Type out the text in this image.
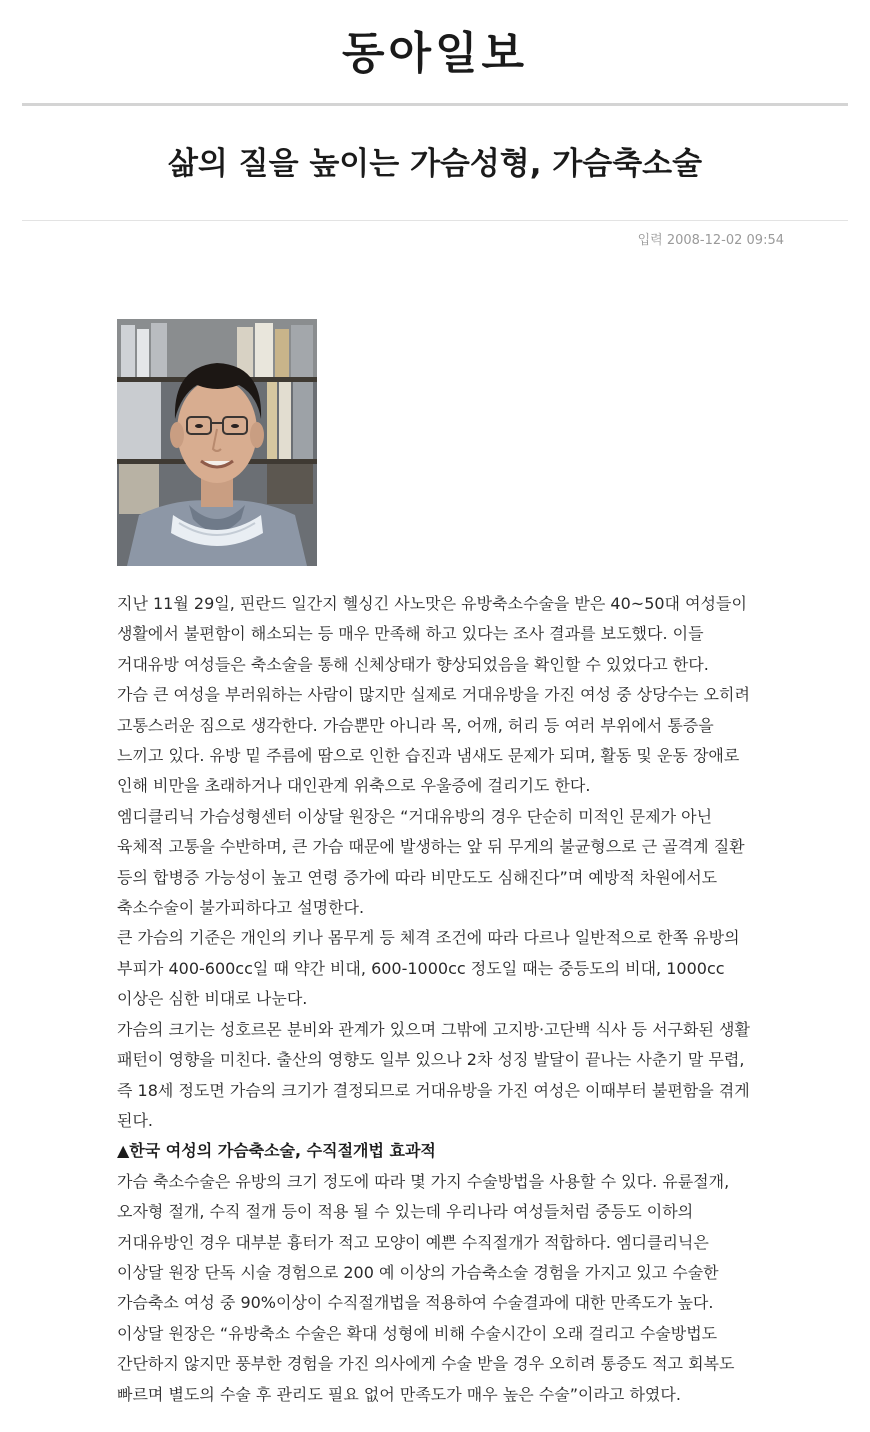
동아일보
삶의 질을 높이는 가슴성형, 가슴축소술
입력 2008-12-02 09:54

지난 11월 29일, 핀란드 일간지 헬싱긴 사노맛은 유방축소수술을 받은 40~50대 여성들이 생활에서 불편함이 해소되는 등 매우 만족해 하고 있다는 조사 결과를 보도했다. 이들 거대유방 여성들은 축소술을 통해 신체상태가 향상되었음을 확인할 수 있었다고 한다.

가슴 큰 여성을 부러워하는 사람이 많지만 실제로 거대유방을 가진 여성 중 상당수는 오히려 고통스러운 짐으로 생각한다. 가슴뿐만 아니라 목, 어깨, 허리 등 여러 부위에서 통증을 느끼고 있다. 유방 밑 주름에 땀으로 인한 습진과 냄새도 문제가 되며, 활동 및 운동 장애로 인해 비만을 초래하거나 대인관계 위축으로 우울증에 걸리기도 한다.

엠디클리닉 가슴성형센터 이상달 원장은 “거대유방의 경우 단순히 미적인 문제가 아닌 육체적 고통을 수반하며, 큰 가슴 때문에 발생하는 앞 뒤 무게의 불균형으로 근 골격계 질환 등의 합병증 가능성이 높고 연령 증가에 따라 비만도도 심해진다”며 예방적 차원에서도 축소수술이 불가피하다고 설명한다.

큰 가슴의 기준은 개인의 키나 몸무게 등 체격 조건에 따라 다르나 일반적으로 한쪽 유방의 부피가 400-600cc일 때 약간 비대, 600-1000cc 정도일 때는 중등도의 비대, 1000cc 이상은 심한 비대로 나눈다.

가슴의 크기는 성호르몬 분비와 관계가 있으며 그밖에 고지방·고단백 식사 등 서구화된 생활 패턴이 영향을 미친다. 출산의 영향도 일부 있으나 2차 성징 발달이 끝나는 사춘기 말 무렵, 즉 18세 정도면 가슴의 크기가 결정되므로 거대유방을 가진 여성은 이때부터 불편함을 겪게 된다.

▲한국 여성의 가슴축소술, 수직절개법 효과적

가슴 축소수술은 유방의 크기 정도에 따라 몇 가지 수술방법을 사용할 수 있다. 유륜절개, 오자형 절개, 수직 절개 등이 적용 될 수 있는데 우리나라 여성들처럼 중등도 이하의 거대유방인 경우 대부분 흉터가 적고 모양이 예쁜 수직절개가 적합하다. 엠디클리닉은 이상달 원장 단독 시술 경험으로 200 예 이상의 가슴축소술 경험을 가지고 있고 수술한 가슴축소 여성 중 90%이상이 수직절개법을 적용하여 수술결과에 대한 만족도가 높다.

이상달 원장은 “유방축소 수술은 확대 성형에 비해 수술시간이 오래 걸리고 수술방법도 간단하지 않지만 풍부한 경험을 가진 의사에게 수술 받을 경우 오히려 통증도 적고 회복도 빠르며 별도의 수술 후 관리도 필요 없어 만족도가 매우 높은 수술”이라고 하였다.
